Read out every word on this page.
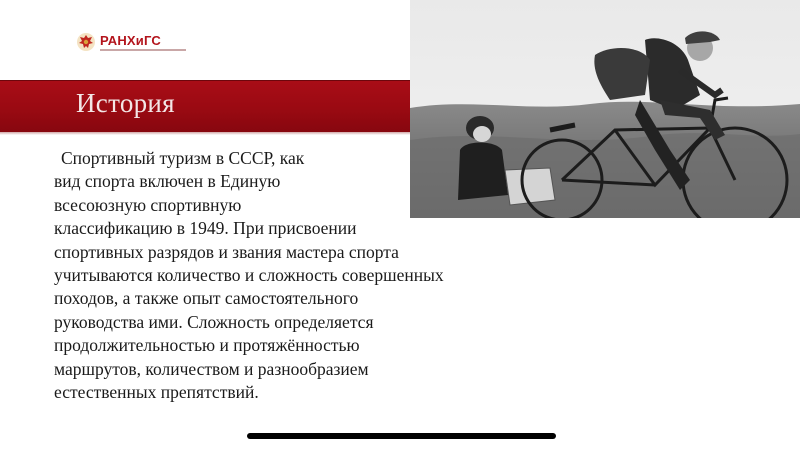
РАНХиГС
История

Спортивный туризм в СССР, как
вид спорта включен в Единую
всесоюзную спортивную
классификацию в 1949. При присвоении
спортивных разрядов и звания мастера спорта
учитываются количество и сложность совершенных
походов, а также опыт самостоятельного
руководства ими. Сложность определяется
продолжительностью и протяжённостью
маршрутов, количеством и разнообразием
естественных препятствий.
